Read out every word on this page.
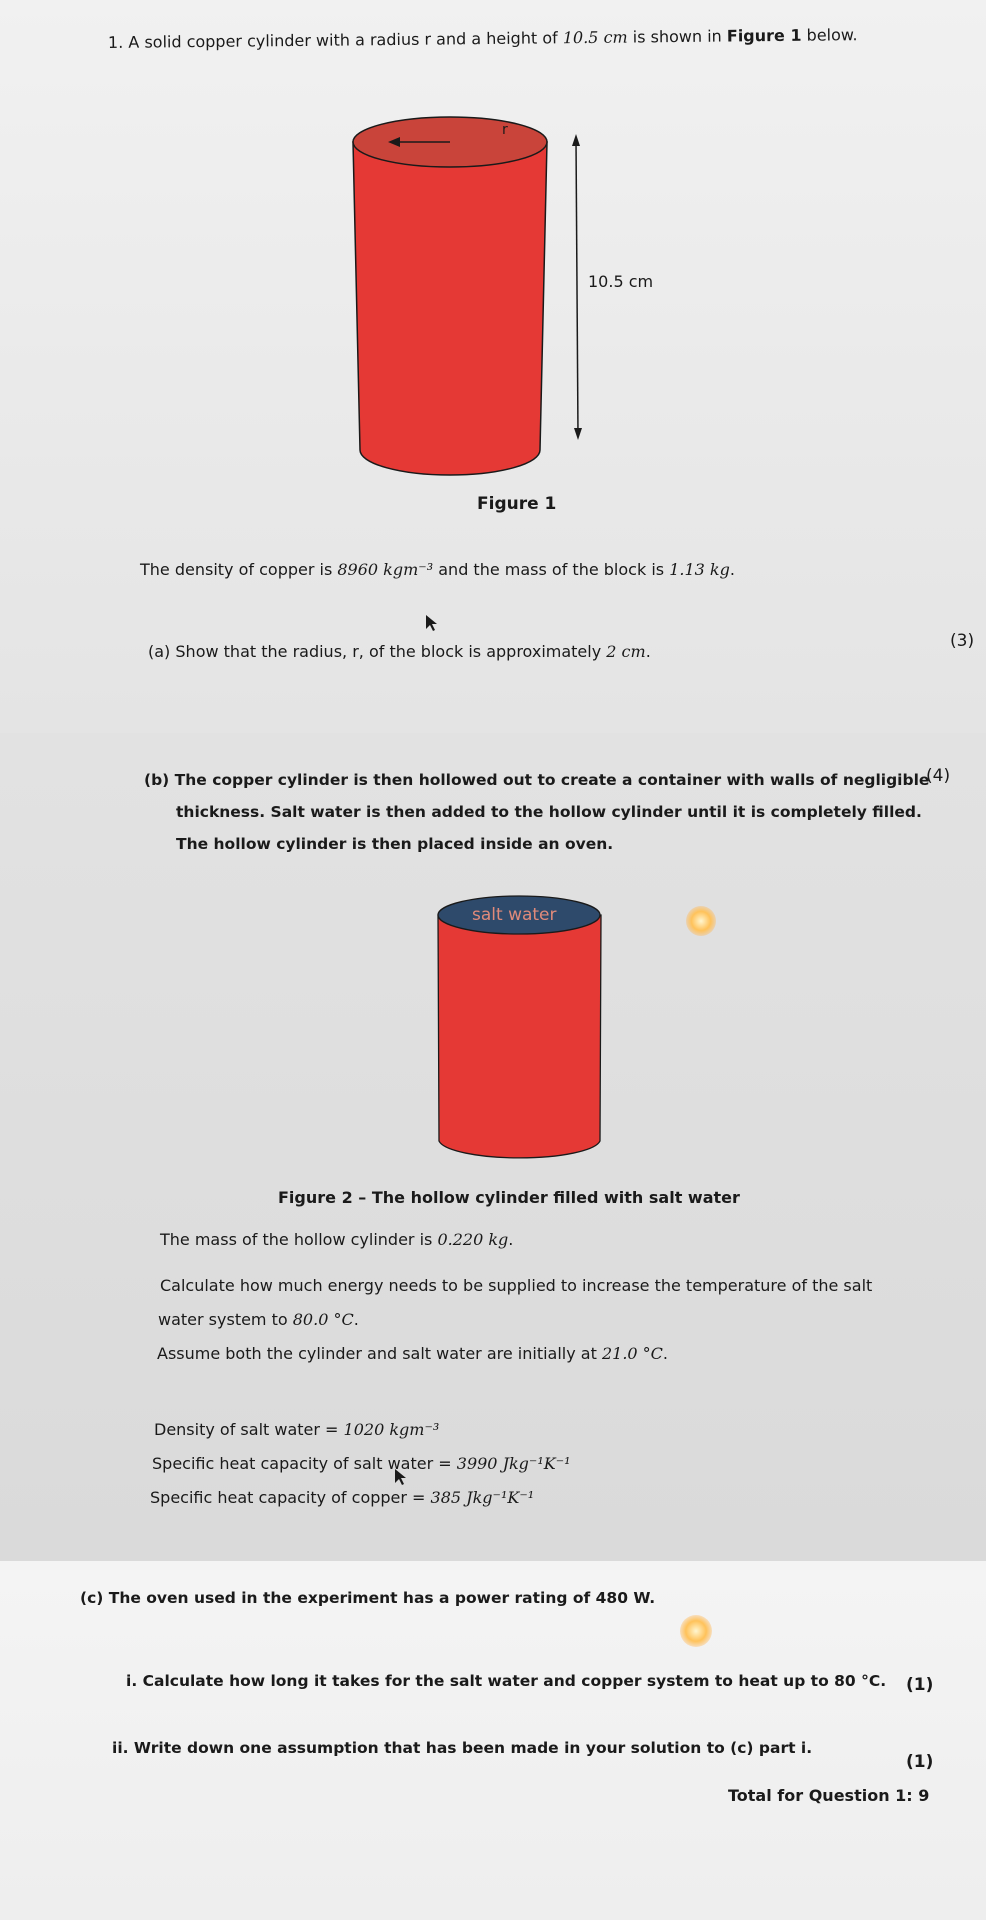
1. A solid copper cylinder with a radius r and a height of 10.5 cm is shown in Figure 1 below.
r
10.5 cm
Figure 1
The density of copper is 8960 kgm⁻³ and the mass of the block is 1.13 kg.
(a) Show that the radius, r, of the block is approximately 2 cm.
(3)
(b) The copper cylinder is then hollowed out to create a container with walls of negligible
thickness. Salt water is then added to the hollow cylinder until it is completely filled.
The hollow cylinder is then placed inside an oven.
(4)
salt water
Figure 2 – The hollow cylinder filled with salt water
The mass of the hollow cylinder is 0.220 kg.
Calculate how much energy needs to be supplied to increase the temperature of the salt
water system to 80.0 °C.
Assume both the cylinder and salt water are initially at 21.0 °C.
Density of salt water = 1020 kgm⁻³
Specific heat capacity of salt water = 3990 Jkg⁻¹K⁻¹
Specific heat capacity of copper = 385 Jkg⁻¹K⁻¹
(c) The oven used in the experiment has a power rating of 480 W.
i. Calculate how long it takes for the salt water and copper system to heat up to 80 °C. (1)
ii. Write down one assumption that has been made in your solution to (c) part i.
(1)
Total for Question 1: 9
